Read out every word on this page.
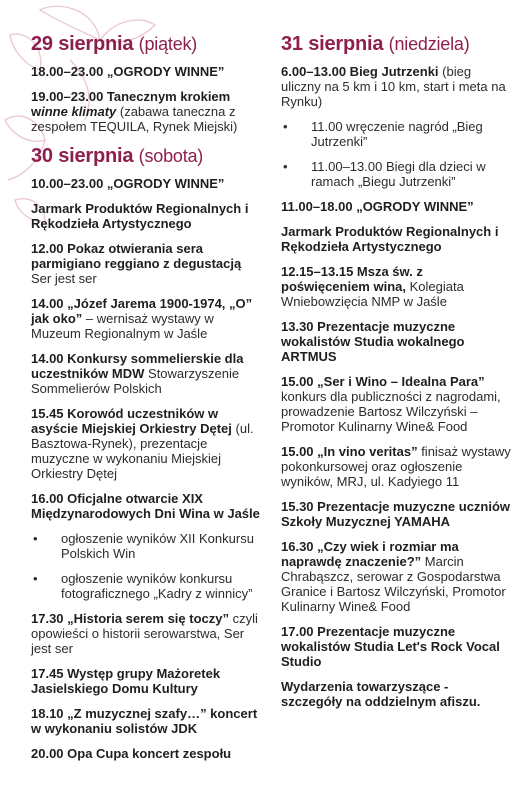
29 sierpnia (piątek)
18.00–23.00 „OGRODY WINNE”
19.00–23.00 Tanecznym krokiem winne klimaty (zabawa taneczna z zespołem TEQUILA, Rynek Miejski)
30 sierpnia (sobota)
10.00–23.00 „OGRODY WINNE”
Jarmark Produktów Regionalnych i Rękodzieła Artystycznego
12.00 Pokaz otwierania sera parmigiano reggiano z degustacją Ser jest ser
14.00 „Józef Jarema 1900-1974, „O” jak oko” – wernisaż wystawy w Muzeum Regionalnym w Jaśle
14.00 Konkursy sommelierskie dla uczestników MDW Stowarzyszenie Sommelierów Polskich
15.45 Korowód uczestników w asyście Miejskiej Orkiestry Dętej (ul. Basztowa-Rynek), prezentacje muzyczne w wykonaniu Miejskiej Orkiestry Dętej
16.00 Oficjalne otwarcie XIX Międzynarodowych Dni Wina w Jaśle
• ogłoszenie wyników XII Konkursu Polskich Win
• ogłoszenie wyników konkursu fotograficznego „Kadry z winnicy”
17.30 „Historia serem się toczy” czyli opowieści o historii serowarstwa, Ser jest ser
17.45 Występ grupy Mażoretek Jasielskiego Domu Kultury
18.10 „Z muzycznej szafy…” koncert w wykonaniu solistów JDK
20.00 Opa Cupa koncert zespołu
31 sierpnia (niedziela)
6.00–13.00 Bieg Jutrzenki (bieg uliczny na 5 km i 10 km, start i meta na Rynku)
• 11.00 wręczenie nagród „Bieg Jutrzenki”
• 11.00–13.00 Biegi dla dzieci w ramach „Biegu Jutrzenki”
11.00–18.00 „OGRODY WINNE”
Jarmark Produktów Regionalnych i Rękodzieła Artystycznego
12.15–13.15 Msza św. z poświęceniem wina, Kolegiata Wniebowzięcia NMP w Jaśle
13.30 Prezentacje muzyczne wokalistów Studia wokalnego ARTMUS
15.00 „Ser i Wino – Idealna Para” konkurs dla publiczności z nagrodami, prowadzenie Bartosz Wilczyński – Promotor Kulinarny Wine& Food
15.00 „In vino veritas” finisaż wystawy pokonkursowej oraz ogłoszenie wyników, MRJ, ul. Kadyiego 11
15.30 Prezentacje muzyczne uczniów Szkoły Muzycznej YAMAHA
16.30 „Czy wiek i rozmiar ma naprawdę znaczenie?” Marcin Chrabąszcz, serowar z Gospodarstwa Granice i Bartosz Wilczyński, Promotor Kulinarny Wine& Food
17.00 Prezentacje muzyczne wokalistów Studia Let's Rock Vocal Studio
Wydarzenia towarzyszące - szczegóły na oddzielnym afiszu.
